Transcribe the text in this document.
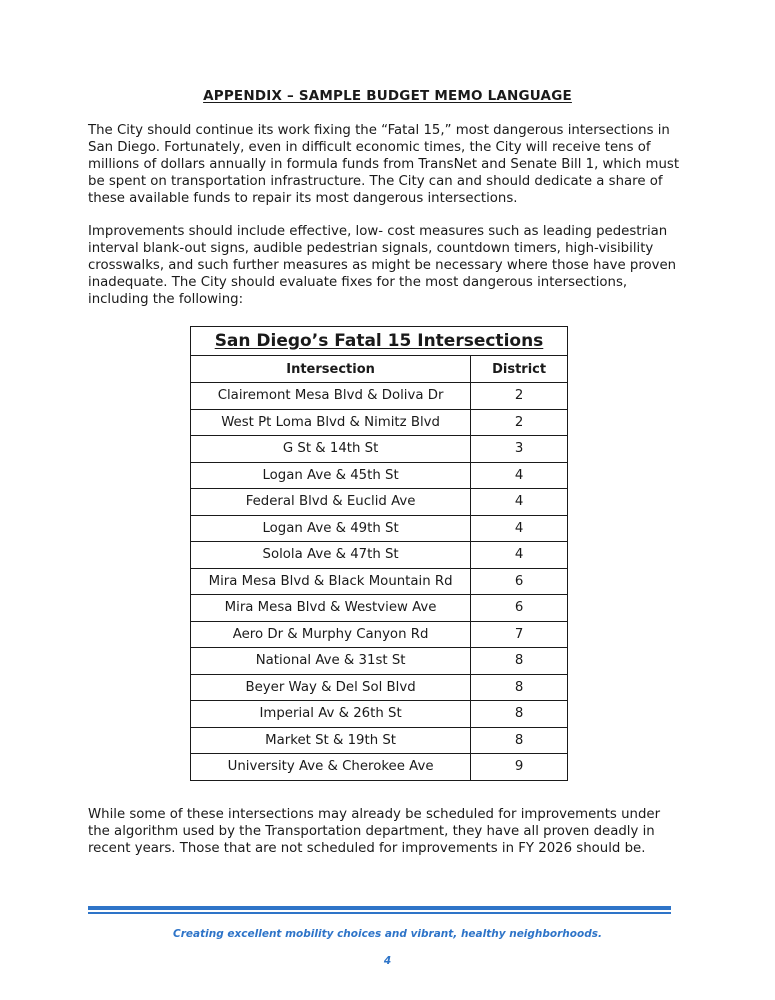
APPENDIX – SAMPLE BUDGET MEMO LANGUAGE

The City should continue its work fixing the “Fatal 15,” most dangerous intersections in
San Diego. Fortunately, even in difficult economic times, the City will receive tens of
millions of dollars annually in formula funds from TransNet and Senate Bill 1, which must
be spent on transportation infrastructure. The City can and should dedicate a share of
these available funds to repair its most dangerous intersections.

Improvements should include effective, low- cost measures such as leading pedestrian
interval blank-out signs, audible pedestrian signals, countdown timers, high-visibility
crosswalks, and such further measures as might be necessary where those have proven
inadequate. The City should evaluate fixes for the most dangerous intersections,
including the following:

San Diego’s Fatal 15 Intersections	
Intersection	District
Clairemont Mesa Blvd & Doliva Dr	2
West Pt Loma Blvd & Nimitz Blvd	2
G St & 14th St	3
Logan Ave & 45th St	4
Federal Blvd & Euclid Ave	4
Logan Ave & 49th St	4
Solola Ave & 47th St	4
Mira Mesa Blvd & Black Mountain Rd	6
Mira Mesa Blvd & Westview Ave	6
Aero Dr & Murphy Canyon Rd	7
National Ave & 31st St	8
Beyer Way & Del Sol Blvd	8
Imperial Av & 26th St	8
Market St & 19th St	8
University Ave & Cherokee Ave	9

While some of these intersections may already be scheduled for improvements under
the algorithm used by the Transportation department, they have all proven deadly in
recent years. Those that are not scheduled for improvements in FY 2026 should be.

Creating excellent mobility choices and vibrant, healthy neighborhoods.
4
